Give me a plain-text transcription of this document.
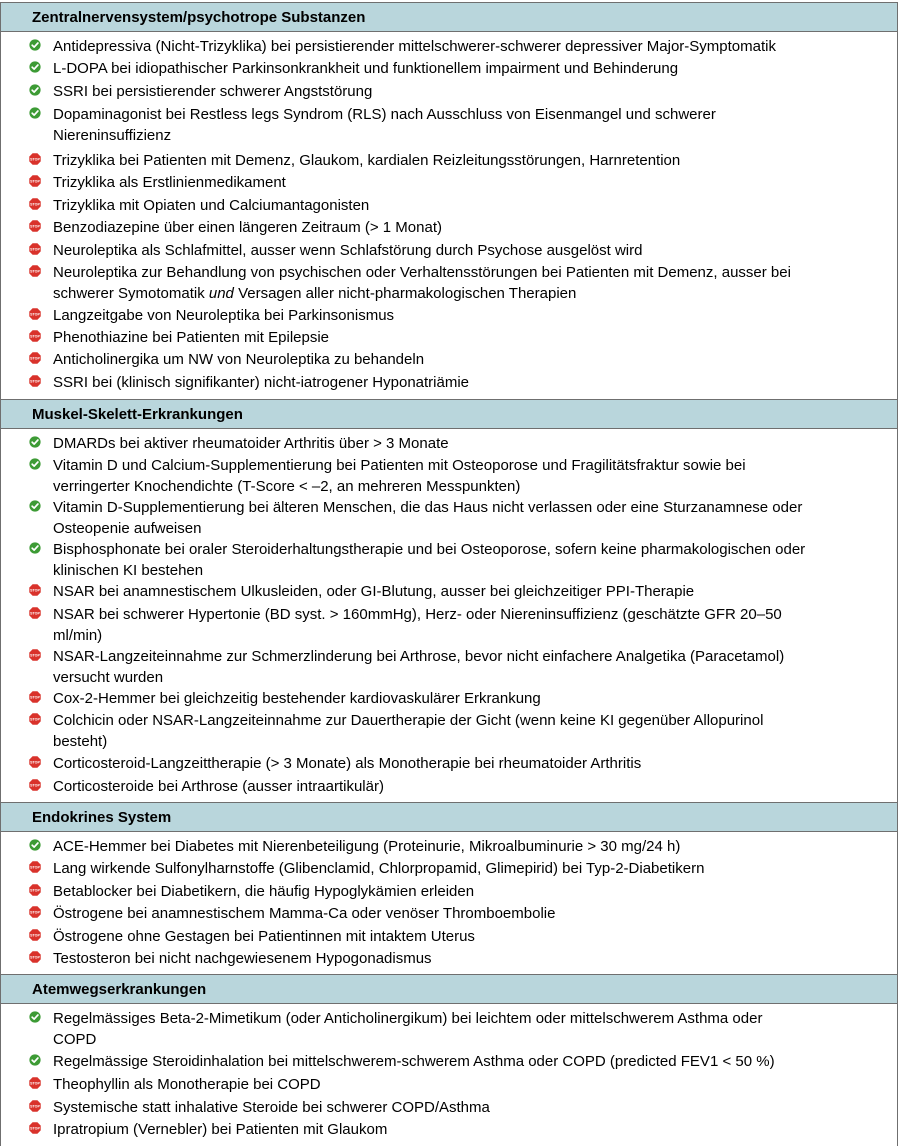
Zentralnervensystem/psychotrope Substanzen
Antidepressiva (Nicht-Trizyklika) bei persistierender mittelschwerer-schwerer depressiver Major-Symptomatik
L-DOPA bei idiopathischer Parkinsonkrankheit und funktionellem impairment und Behinderung
SSRI bei persistierender schwerer Angststörung
Dopaminagonist bei Restless legs Syndrom (RLS) nach Ausschluss von Eisenmangel und schwerer
Niereninsuffizienz
STOP Trizyklika bei Patienten mit Demenz, Glaukom, kardialen Reizleitungsstörungen, Harnretention
STOP Trizyklika als Erstlinienmedikament
STOP Trizyklika mit Opiaten und Calciumantagonisten
STOP Benzodiazepine über einen längeren Zeitraum (> 1 Monat)
STOP Neuroleptika als Schlafmittel, ausser wenn Schlafstörung durch Psychose ausgelöst wird
STOP Neuroleptika zur Behandlung von psychischen oder Verhaltensstörungen bei Patienten mit Demenz, ausser bei
schwerer Symotomatik und Versagen aller nicht-pharmakologischen Therapien
STOP Langzeitgabe von Neuroleptika bei Parkinsonismus
STOP Phenothiazine bei Patienten mit Epilepsie
STOP Anticholinergika um NW von Neuroleptika zu behandeln
STOP SSRI bei (klinisch signifikanter) nicht-iatrogener Hyponatriämie
Muskel-Skelett-Erkrankungen
DMARDs bei aktiver rheumatoider Arthritis über > 3 Monate
Vitamin D und Calcium-Supplementierung bei Patienten mit Osteoporose und Fragilitätsfraktur sowie bei
verringerter Knochendichte (T-Score < –2, an mehreren Messpunkten)
Vitamin D-Supplementierung bei älteren Menschen, die das Haus nicht verlassen oder eine Sturzanamnese oder
Osteopenie aufweisen
Bisphosphonate bei oraler Steroiderhaltungstherapie und bei Osteoporose, sofern keine pharmakologischen oder
klinischen KI bestehen
STOP NSAR bei anamnestischem Ulkusleiden, oder GI-Blutung, ausser bei gleichzeitiger PPI-Therapie
STOP NSAR bei schwerer Hypertonie (BD syst. > 160mmHg), Herz- oder Niereninsuffizienz (geschätzte GFR 20–50
ml/min)
STOP NSAR-Langzeiteinnahme zur Schmerzlinderung bei Arthrose, bevor nicht einfachere Analgetika (Paracetamol)
versucht wurden
STOP Cox-2-Hemmer bei gleichzeitig bestehender kardiovaskulärer Erkrankung
STOP Colchicin oder NSAR-Langzeiteinnahme zur Dauertherapie der Gicht (wenn keine KI gegenüber Allopurinol
besteht)
STOP Corticosteroid-Langzeittherapie (> 3 Monate) als Monotherapie bei rheumatoider Arthritis
STOP Corticosteroide bei Arthrose (ausser intraartikulär)
Endokrines System
ACE-Hemmer bei Diabetes mit Nierenbeteiligung (Proteinurie, Mikroalbuminurie > 30 mg/24 h)
STOP Lang wirkende Sulfonylharnstoffe (Glibenclamid, Chlorpropamid, Glimepirid) bei Typ-2-Diabetikern
STOP Betablocker bei Diabetikern, die häufig Hypoglykämien erleiden
STOP Östrogene bei anamnestischem Mamma-Ca oder venöser Thromboembolie
STOP Östrogene ohne Gestagen bei Patientinnen mit intaktem Uterus
STOP Testosteron bei nicht nachgewiesenem Hypogonadismus
Atemwegserkrankungen
Regelmässiges Beta-2-Mimetikum (oder Anticholinergikum) bei leichtem oder mittelschwerem Asthma oder
COPD
Regelmässige Steroidinhalation bei mittelschwerem-schwerem Asthma oder COPD (predicted FEV1 < 50 %)
STOP Theophyllin als Monotherapie bei COPD
STOP Systemische statt inhalative Steroide bei schwerer COPD/Asthma
STOP Ipratropium (Vernebler) bei Patienten mit Glaukom
